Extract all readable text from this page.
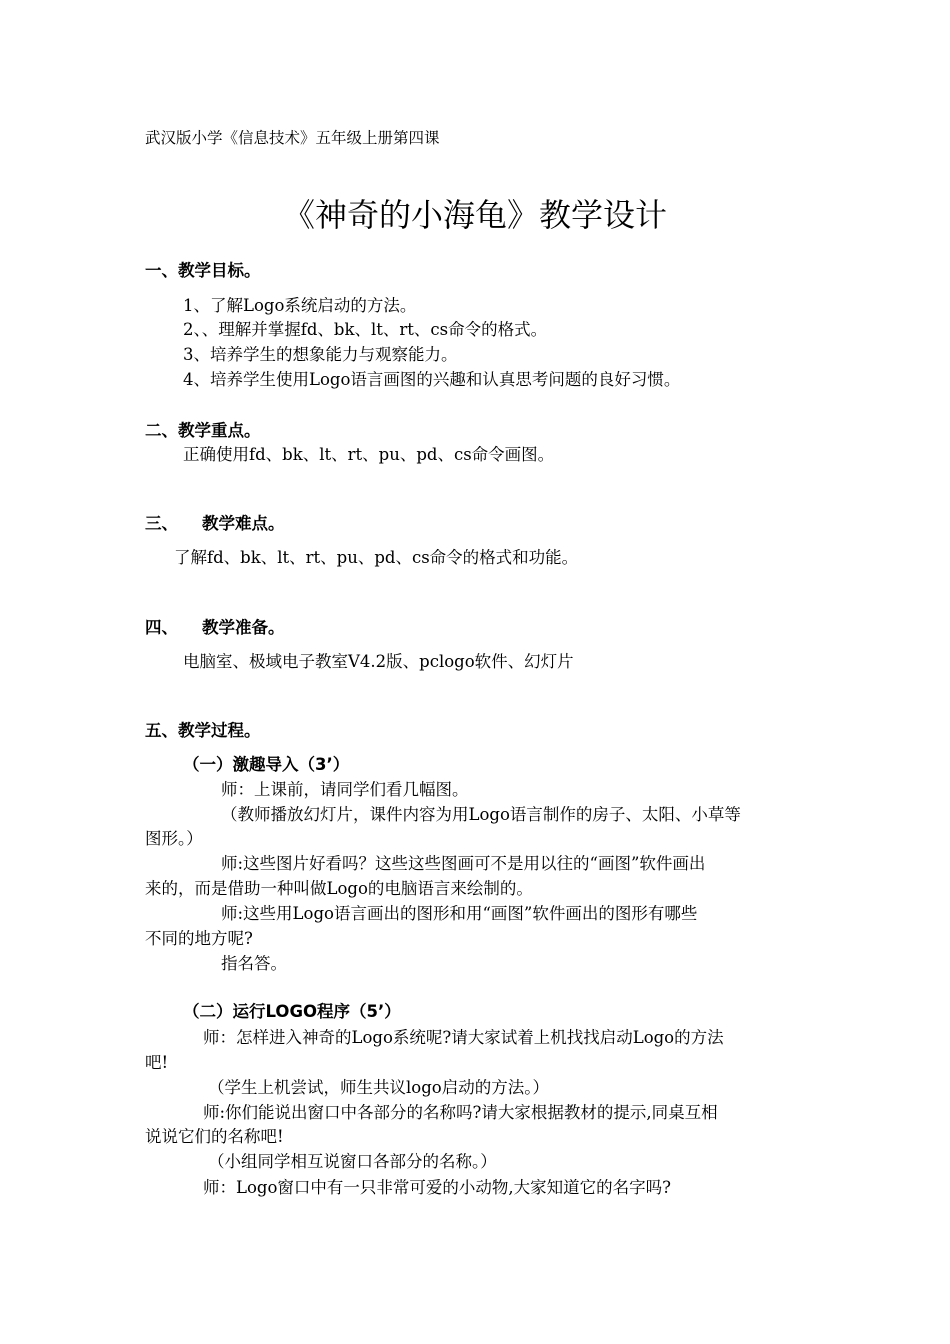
武汉版小学《信息技术》五年级上册第四课
《神奇的小海龟》教学设计
一、教学目标。
1、了解Logo系统启动的方法。
2、、理解并掌握fd、bk、lt、rt、cs命令的格式。
3、培养学生的想象能力与观察能力。
4、培养学生使用Logo语言画图的兴趣和认真思考问题的良好习惯。
二、教学重点。
正确使用fd、bk、lt、rt、pu、pd、cs命令画图。
三、 教学难点。
了解fd、bk、lt、rt、pu、pd、cs命令的格式和功能。
四、 教学准备。
电脑室、极域电子教室V4.2版、pclogo软件、幻灯片
五、教学过程。
（一）激趣导入（3’）
师：上课前，请同学们看几幅图。
（教师播放幻灯片，课件内容为用Logo语言制作的房子、太阳、小草等
图形。）
师:这些图片好看吗？这些这些图画可不是用以往的“画图”软件画出
来的，而是借助一种叫做Logo的电脑语言来绘制的。
师:这些用Logo语言画出的图形和用“画图”软件画出的图形有哪些
不同的地方呢?
指名答。
（二）运行LOGO程序（5’）
师：怎样进入神奇的Logo系统呢?请大家试着上机找找启动Logo的方法
吧!
（学生上机尝试，师生共议logo启动的方法。）
师:你们能说出窗口中各部分的名称吗?请大家根据教材的提示,同桌互相
说说它们的名称吧!
（小组同学相互说窗口各部分的名称。）
师：Logo窗口中有一只非常可爱的小动物,大家知道它的名字吗?
